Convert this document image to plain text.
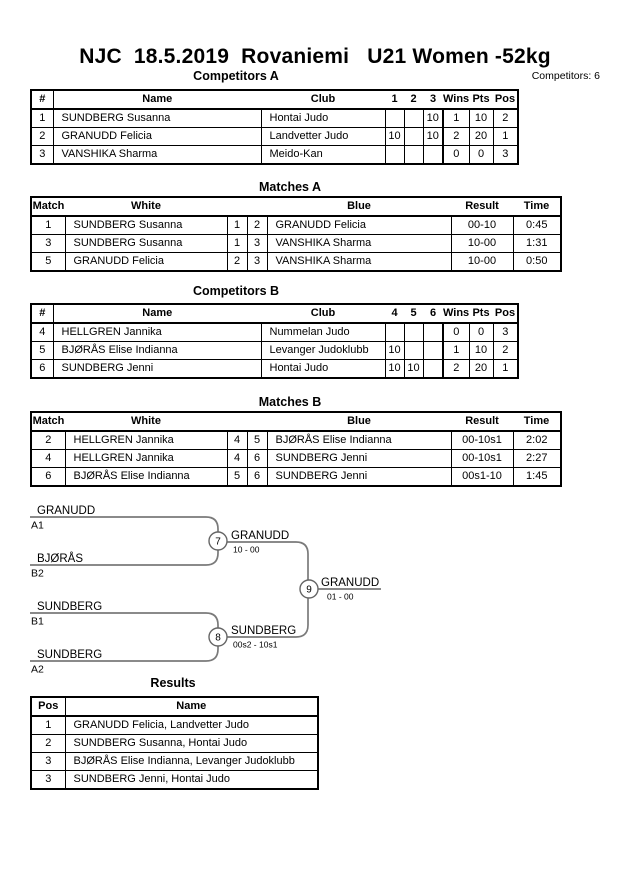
NJC  18.5.2019  Rovaniemi   U21 Women -52kg
Competitors A	Competitors: 6
#	Name	Club	1	2	3	Wins	Pts	Pos
1	SUNDBERG Susanna	Hontai Judo			10	1	10	2
2	GRANUDD Felicia	Landvetter Judo	10		10	2	20	1
3	VANSHIKA Sharma	Meido-Kan				0	0	3
Matches A
Match	White			Blue	Result	Time
1	SUNDBERG Susanna	1	2	GRANUDD Felicia	00-10	0:45
3	SUNDBERG Susanna	1	3	VANSHIKA Sharma	10-00	1:31
5	GRANUDD Felicia	2	3	VANSHIKA Sharma	10-00	0:50
Competitors B
#	Name	Club	4	5	6	Wins	Pts	Pos
4	HELLGREN Jannika	Nummelan Judo				0	0	3
5	BJØRÅS Elise Indianna	Levanger Judoklubb	10			1	10	2
6	SUNDBERG Jenni	Hontai Judo	10	10		2	20	1
Matches B
Match	White			Blue	Result	Time
2	HELLGREN Jannika	4	5	BJØRÅS Elise Indianna	00-10s1	2:02
4	HELLGREN Jannika	4	6	SUNDBERG Jenni	00-10s1	2:27
6	BJØRÅS Elise Indianna	5	6	SUNDBERG Jenni	00s1-10	1:45
7
8
9
GRANUDD
A1
BJØRÅS
B2
SUNDBERG
B1
SUNDBERG
A2
GRANUDD
10 - 00
SUNDBERG
00s2 - 10s1
GRANUDD
01 - 00
Results
Pos	Name
1	GRANUDD Felicia, Landvetter Judo
2	SUNDBERG Susanna, Hontai Judo
3	BJØRÅS Elise Indianna, Levanger Judoklubb
3	SUNDBERG Jenni, Hontai Judo
